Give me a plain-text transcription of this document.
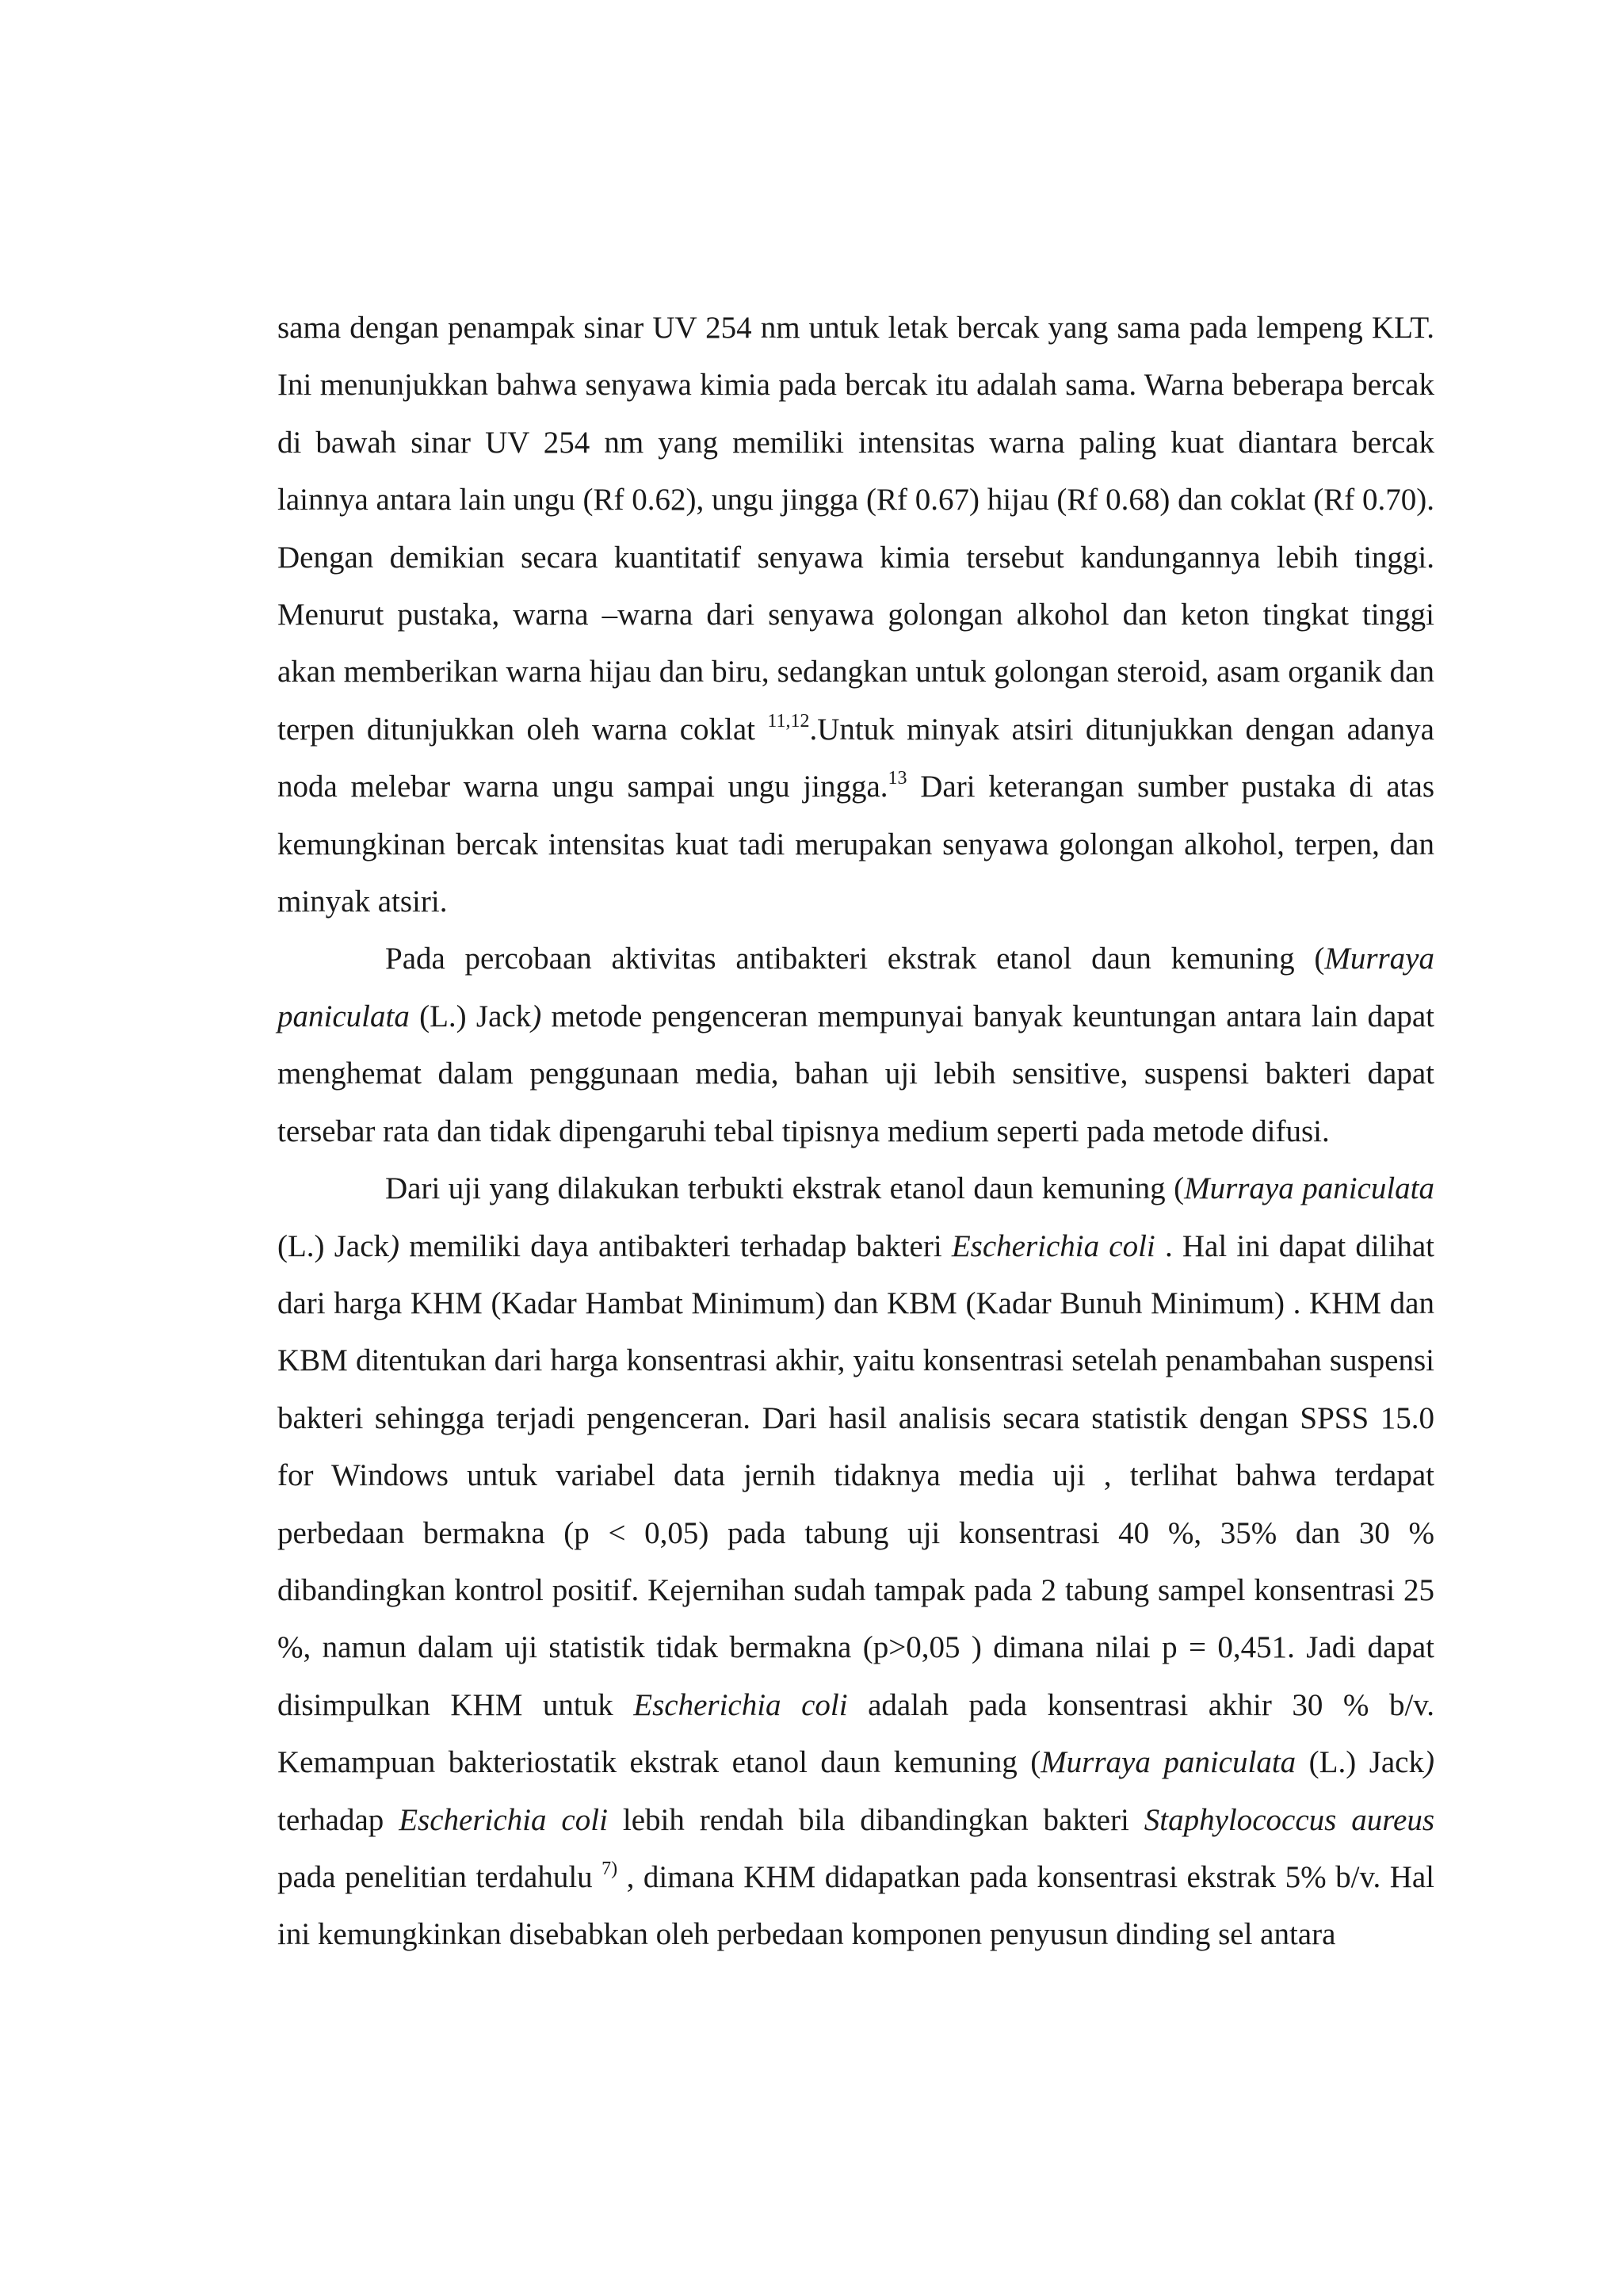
sama dengan penampak sinar UV 254 nm untuk letak bercak yang sama pada lempeng KLT. Ini menunjukkan bahwa senyawa kimia pada bercak itu adalah sama. Warna beberapa bercak di bawah sinar UV 254 nm yang memiliki intensitas warna paling kuat diantara bercak lainnya antara lain ungu (Rf 0.62), ungu jingga (Rf 0.67) hijau (Rf 0.68) dan coklat (Rf 0.70). Dengan demikian secara kuantitatif senyawa kimia tersebut kandungannya lebih tinggi. Menurut pustaka, warna –warna dari senyawa golongan alkohol dan keton tingkat tinggi akan memberikan warna hijau dan biru, sedangkan untuk golongan steroid, asam organik dan terpen ditunjukkan oleh warna coklat $^{11,12}$.Untuk minyak atsiri ditunjukkan dengan adanya noda melebar warna ungu sampai ungu jingga.$^{13}$ Dari keterangan sumber pustaka di atas kemungkinan bercak intensitas kuat tadi merupakan senyawa golongan alkohol, terpen, dan minyak atsiri.

Pada percobaan aktivitas antibakteri ekstrak etanol daun kemuning (Murraya paniculata (L.) Jack) metode pengenceran mempunyai banyak keuntungan antara lain dapat menghemat dalam penggunaan media, bahan uji lebih sensitive, suspensi bakteri dapat tersebar rata dan tidak dipengaruhi tebal tipisnya medium seperti pada metode difusi.

Dari uji yang dilakukan terbukti ekstrak etanol daun kemuning (Murraya paniculata (L.) Jack) memiliki daya antibakteri terhadap bakteri Escherichia coli . Hal ini dapat dilihat dari harga KHM (Kadar Hambat Minimum) dan KBM (Kadar Bunuh Minimum) . KHM dan KBM ditentukan dari harga konsentrasi akhir, yaitu konsentrasi setelah penambahan suspensi bakteri sehingga terjadi pengenceran. Dari hasil analisis secara statistik dengan SPSS 15.0 for Windows untuk variabel data jernih tidaknya media uji , terlihat bahwa terdapat perbedaan bermakna (p < 0,05) pada tabung uji konsentrasi 40 %, 35% dan 30 % dibandingkan kontrol positif. Kejernihan sudah tampak pada 2 tabung sampel konsentrasi 25 %, namun dalam uji statistik tidak bermakna (p>0,05 ) dimana nilai p = 0,451. Jadi dapat disimpulkan KHM untuk Escherichia coli adalah pada konsentrasi akhir 30 % b/v. Kemampuan bakteriostatik ekstrak etanol daun kemuning (Murraya paniculata (L.) Jack) terhadap Escherichia coli lebih rendah bila dibandingkan bakteri Staphylococcus aureus pada penelitian terdahulu $^{7)}$ , dimana KHM didapatkan pada konsentrasi ekstrak 5% b/v. Hal ini kemungkinkan disebabkan oleh perbedaan komponen penyusun dinding sel antara
